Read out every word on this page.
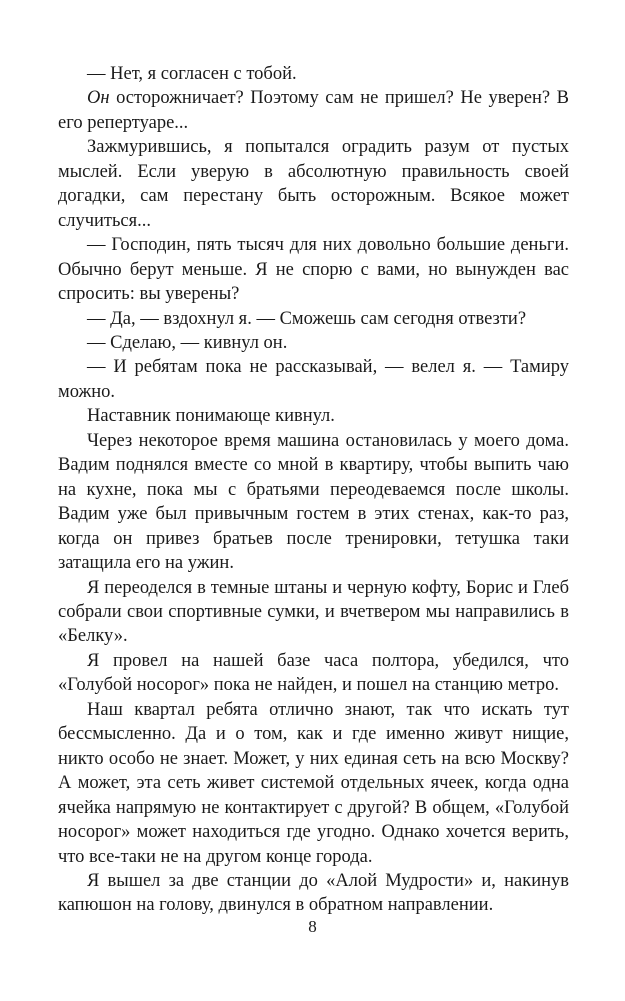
— Нет, я согласен с тобой.

Он осторожничает? Поэтому сам не пришел? Не уверен? В его репертуаре...

Зажмурившись, я попытался оградить разум от пустых мыслей. Если уверую в абсолютную правильность своей догадки, сам перестану быть осторожным. Всякое может случиться...

— Господин, пять тысяч для них довольно большие деньги. Обычно берут меньше. Я не спорю с вами, но вынужден вас спросить: вы уверены?

— Да, — вздохнул я. — Сможешь сам сегодня отвезти?

— Сделаю, — кивнул он.

— И ребятам пока не рассказывай, — велел я. — Тамиру можно.

Наставник понимающе кивнул.

Через некоторое время машина остановилась у моего дома. Вадим поднялся вместе со мной в квартиру, чтобы выпить чаю на кухне, пока мы с братьями переодеваемся после школы. Вадим уже был привычным гостем в этих стенах, как-то раз, когда он привез братьев после тренировки, тетушка таки затащила его на ужин.

Я переоделся в темные штаны и черную кофту, Борис и Глеб собрали свои спортивные сумки, и вчетвером мы направились в «Белку».

Я провел на нашей базе часа полтора, убедился, что «Голубой носорог» пока не найден, и пошел на станцию метро.

Наш квартал ребята отлично знают, так что искать тут бессмысленно. Да и о том, как и где именно живут нищие, никто особо не знает. Может, у них единая сеть на всю Москву? А может, эта сеть живет системой отдельных ячеек, когда одна ячейка напрямую не контактирует с другой? В общем, «Голубой носорог» может находиться где угодно. Однако хочется верить, что все-таки не на другом конце города.

Я вышел за две станции до «Алой Мудрости» и, накинув капюшон на голову, двинулся в обратном направлении.

8
